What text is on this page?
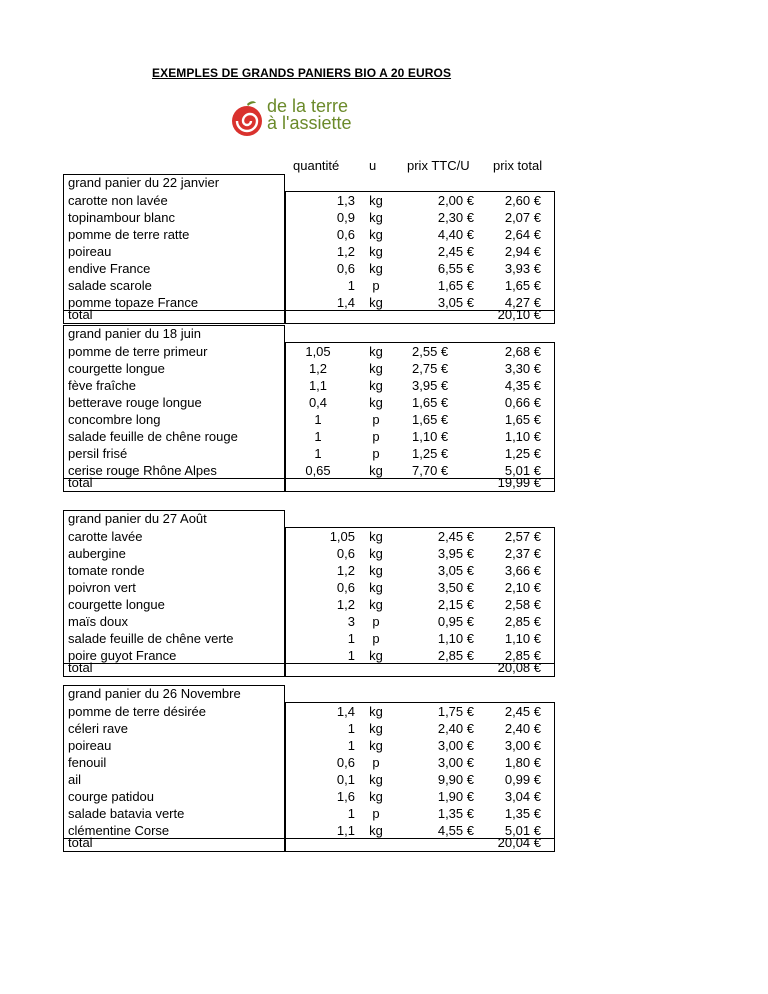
EXEMPLES DE GRANDS PANIERS BIO A 20 EUROS
de la terre
à l'assiette
quantité u prix TTC/U prix total
grand panier du 22 janvier
carotte non lavée	1,3	kg	2,00 €	2,60 €
topinambour blanc	0,9	kg	2,30 €	2,07 €
pomme de terre ratte	0,6	kg	4,40 €	2,64 €
poireau	1,2	kg	2,45 €	2,94 €
endive France	0,6	kg	6,55 €	3,93 €
salade scarole	1	p	1,65 €	1,65 €
pomme topaze France	1,4	kg	3,05 €	4,27 €
total	20,10 €
grand panier du 18 juin
pomme de terre primeur	1,05	kg	2,55 €	2,68 €
courgette longue	1,2	kg	2,75 €	3,30 €
fève fraîche	1,1	kg	3,95 €	4,35 €
betterave rouge longue	0,4	kg	1,65 €	0,66 €
concombre long	1	p	1,65 €	1,65 €
salade feuille de chêne rouge	1	p	1,10 €	1,10 €
persil frisé	1	p	1,25 €	1,25 €
cerise rouge Rhône Alpes	0,65	kg	7,70 €	5,01 €
total	19,99 €
grand panier du 27 Août
carotte lavée	1,05	kg	2,45 €	2,57 €
aubergine	0,6	kg	3,95 €	2,37 €
tomate ronde	1,2	kg	3,05 €	3,66 €
poivron vert	0,6	kg	3,50 €	2,10 €
courgette longue	1,2	kg	2,15 €	2,58 €
maïs doux	3	p	0,95 €	2,85 €
salade feuille de chêne verte	1	p	1,10 €	1,10 €
poire guyot France	1	kg	2,85 €	2,85 €
total	20,08 €
grand panier du 26 Novembre
pomme de terre désirée	1,4	kg	1,75 €	2,45 €
céleri rave	1	kg	2,40 €	2,40 €
poireau	1	kg	3,00 €	3,00 €
fenouil	0,6	p	3,00 €	1,80 €
ail	0,1	kg	9,90 €	0,99 €
courge patidou	1,6	kg	1,90 €	3,04 €
salade batavia verte	1	p	1,35 €	1,35 €
clémentine Corse	1,1	kg	4,55 €	5,01 €
total	20,04 €
